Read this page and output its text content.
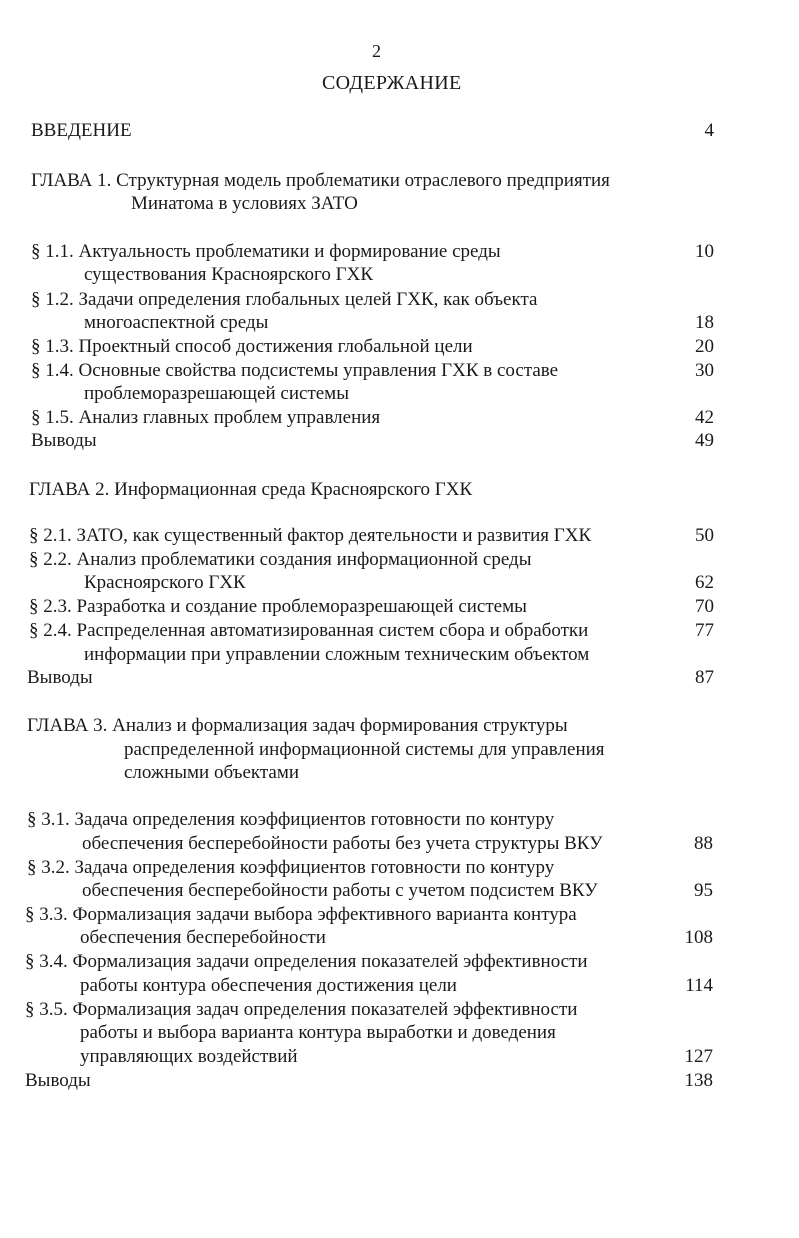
2
СОДЕРЖАНИЕ
ВВЕДЕНИЕ	4
ГЛАВА 1. Структурная модель проблематики отраслевого предприятия
Минатома в условиях ЗАТО
§ 1.1. Актуальность проблематики и формирование среды	10
существования Красноярского ГХК
§ 1.2. Задачи определения глобальных целей ГХК, как объекта
многоаспектной среды	18
§ 1.3. Проектный способ достижения глобальной цели	20
§ 1.4. Основные свойства подсистемы управления ГХК в составе	30
проблеморазрешающей системы
§ 1.5. Анализ главных проблем управления	42
Выводы	49
ГЛАВА 2. Информационная среда Красноярского ГХК
§ 2.1. ЗАТО, как существенный фактор деятельности и развития ГХК	50
§ 2.2. Анализ проблематики создания информационной среды
Красноярского ГХК	62
§ 2.3. Разработка и создание проблеморазрешающей системы	70
§ 2.4. Распределенная автоматизированная систем сбора и обработки	77
информации при управлении сложным техническим объектом
Выводы	87
ГЛАВА 3. Анализ и формализация задач формирования структуры
распределенной информационной системы для управления
сложными объектами
§ 3.1. Задача определения коэффициентов готовности по контуру
обеспечения бесперебойности работы без учета структуры ВКУ	88
§ 3.2. Задача определения коэффициентов готовности по контуру
обеспечения бесперебойности работы с учетом подсистем ВКУ	95
§ 3.3. Формализация задачи выбора эффективного варианта контура
обеспечения бесперебойности	108
§ 3.4. Формализация задачи определения показателей эффективности
работы контура обеспечения достижения цели	114
§ 3.5. Формализация задач определения показателей эффективности
работы и выбора варианта контура выработки и доведения
управляющих воздействий	127
Выводы	138
